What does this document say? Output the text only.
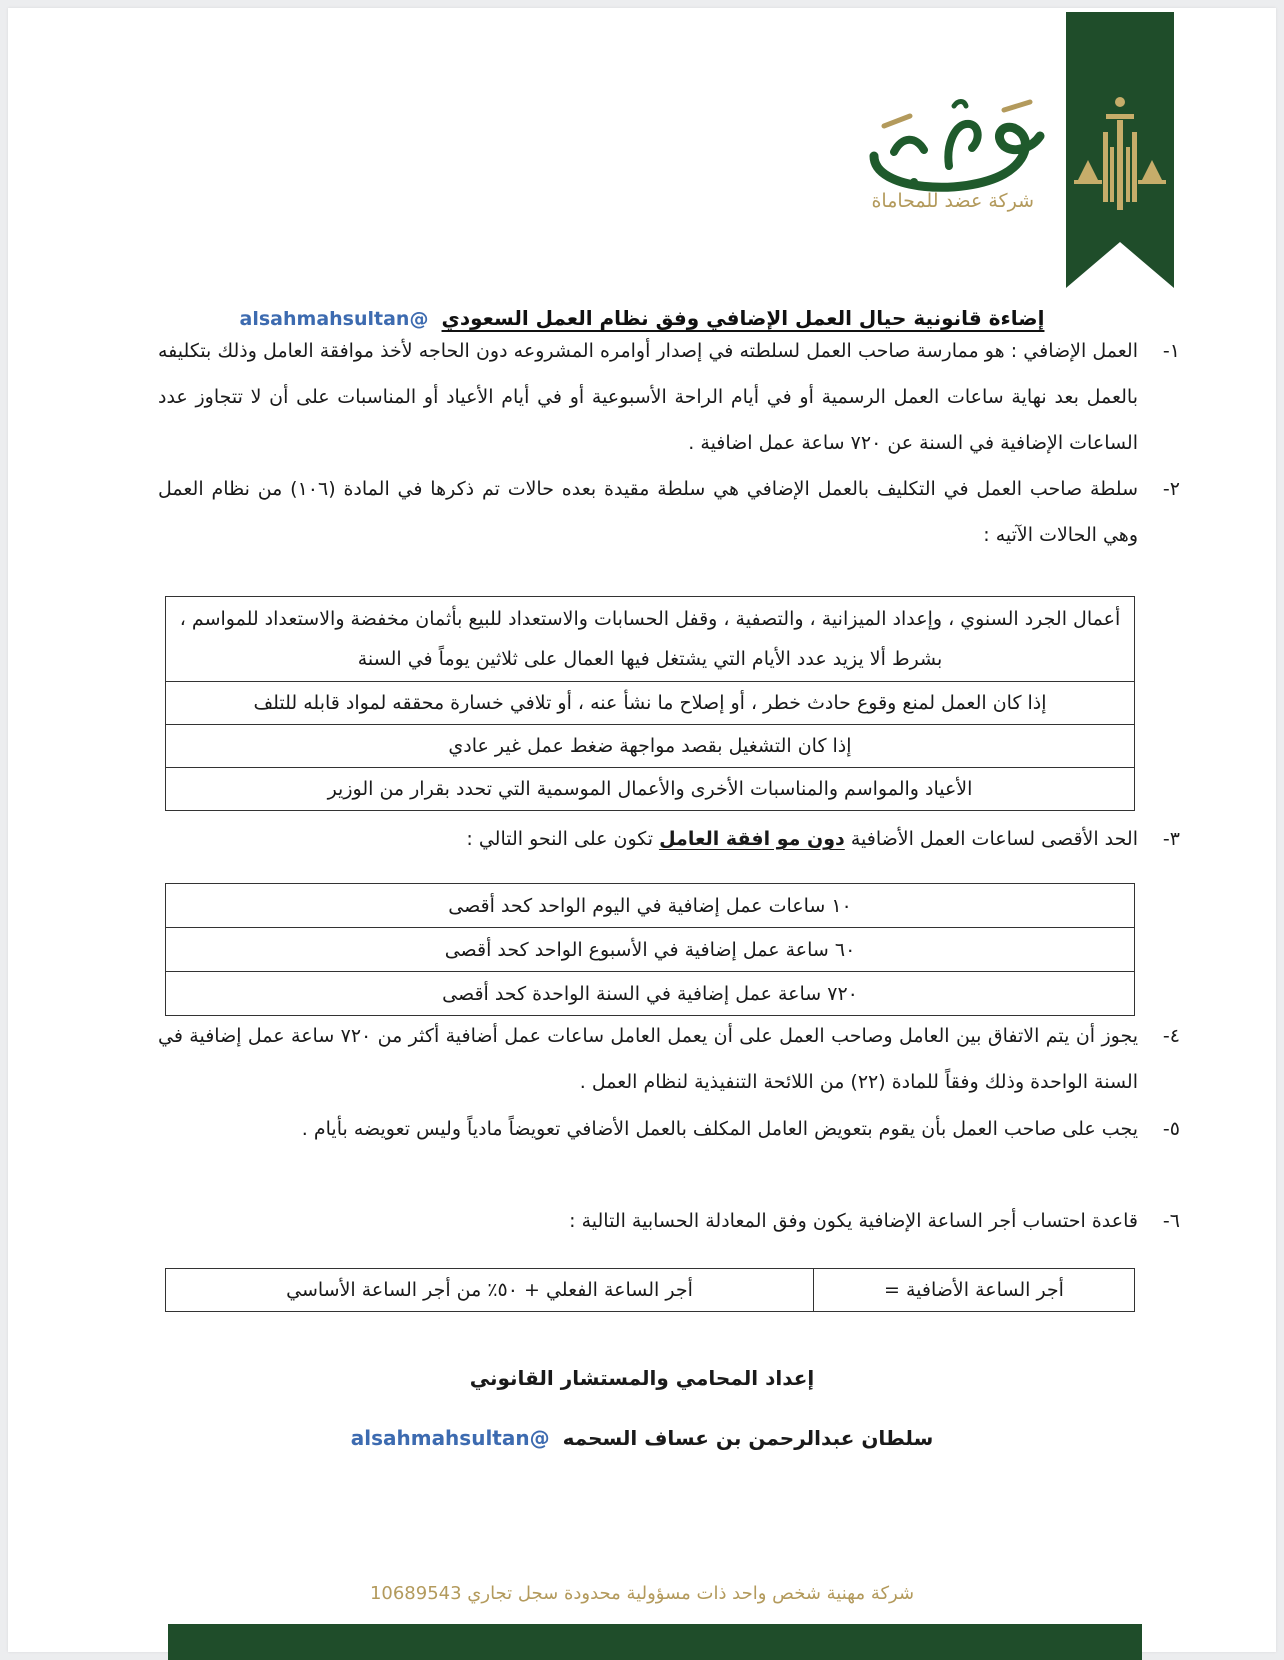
شركة عضد للمحاماة
إضاءة قانونية حيال العمل الإضافي وفق نظام العمل السعودي @alsahmahsultan
١-
العمل الإضافي : هو ممارسة صاحب العمل لسلطته في إصدار أوامره المشروعه دون الحاجه لأخذ موافقة العامل وذلك بتكليفه بالعمل بعد نهاية ساعات العمل الرسمية أو في أيام الراحة الأسبوعية أو في أيام الأعياد أو المناسبات على أن لا تتجاوز عدد الساعات الإضافية في السنة عن ٧٢٠ ساعة عمل اضافية .
٢-
سلطة صاحب العمل في التكليف بالعمل الإضافي هي سلطة مقيدة بعده حالات تم ذكرها في المادة (١٠٦) من نظام العمل وهي الحالات الآتيه :
أعمال الجرد السنوي ، وإعداد الميزانية ، والتصفية ، وقفل الحسابات والاستعداد للبيع بأثمان مخفضة والاستعداد للمواسم ، بشرط ألا يزيد عدد الأيام التي يشتغل فيها العمال على ثلاثين يوماً في السنة
إذا كان العمل لمنع وقوع حادث خطر ، أو إصلاح ما نشأ عنه ، أو تلافي خسارة محققه لمواد قابله للتلف
إذا كان التشغيل بقصد مواجهة ضغط عمل غير عادي
الأعياد والمواسم والمناسبات الأخرى والأعمال الموسمية التي تحدد بقرار من الوزير
٣-
الحد الأقصى لساعات العمل الأضافية دون مو افقة العامل تكون على النحو التالي :
١٠ ساعات عمل إضافية في اليوم الواحد كحد أقصى
٦٠ ساعة عمل إضافية في الأسبوع الواحد كحد أقصى
٧٢٠ ساعة عمل إضافية في السنة الواحدة كحد أقصى
٤-
يجوز أن يتم الاتفاق بين العامل وصاحب العمل على أن يعمل العامل ساعات عمل أضافية أكثر من ٧٢٠ ساعة عمل إضافية في السنة الواحدة وذلك وفقاً للمادة (٢٢) من اللائحة التنفيذية لنظام العمل .
٥-
يجب على صاحب العمل بأن يقوم بتعويض العامل المكلف بالعمل الأضافي تعويضاً مادياً وليس تعويضه بأيام .
٦-
قاعدة احتساب أجر الساعة الإضافية يكون وفق المعادلة الحسابية التالية :
أجر الساعة الأضافية =	أجر الساعة الفعلي + ٥٠٪ من أجر الساعة الأساسي
إعداد المحامي والمستشار القانوني
سلطان عبدالرحمن بن عساف السحمه @alsahmahsultan
شركة مهنية شخص واحد ذات مسؤولية محدودة سجل تجاري 10689543
